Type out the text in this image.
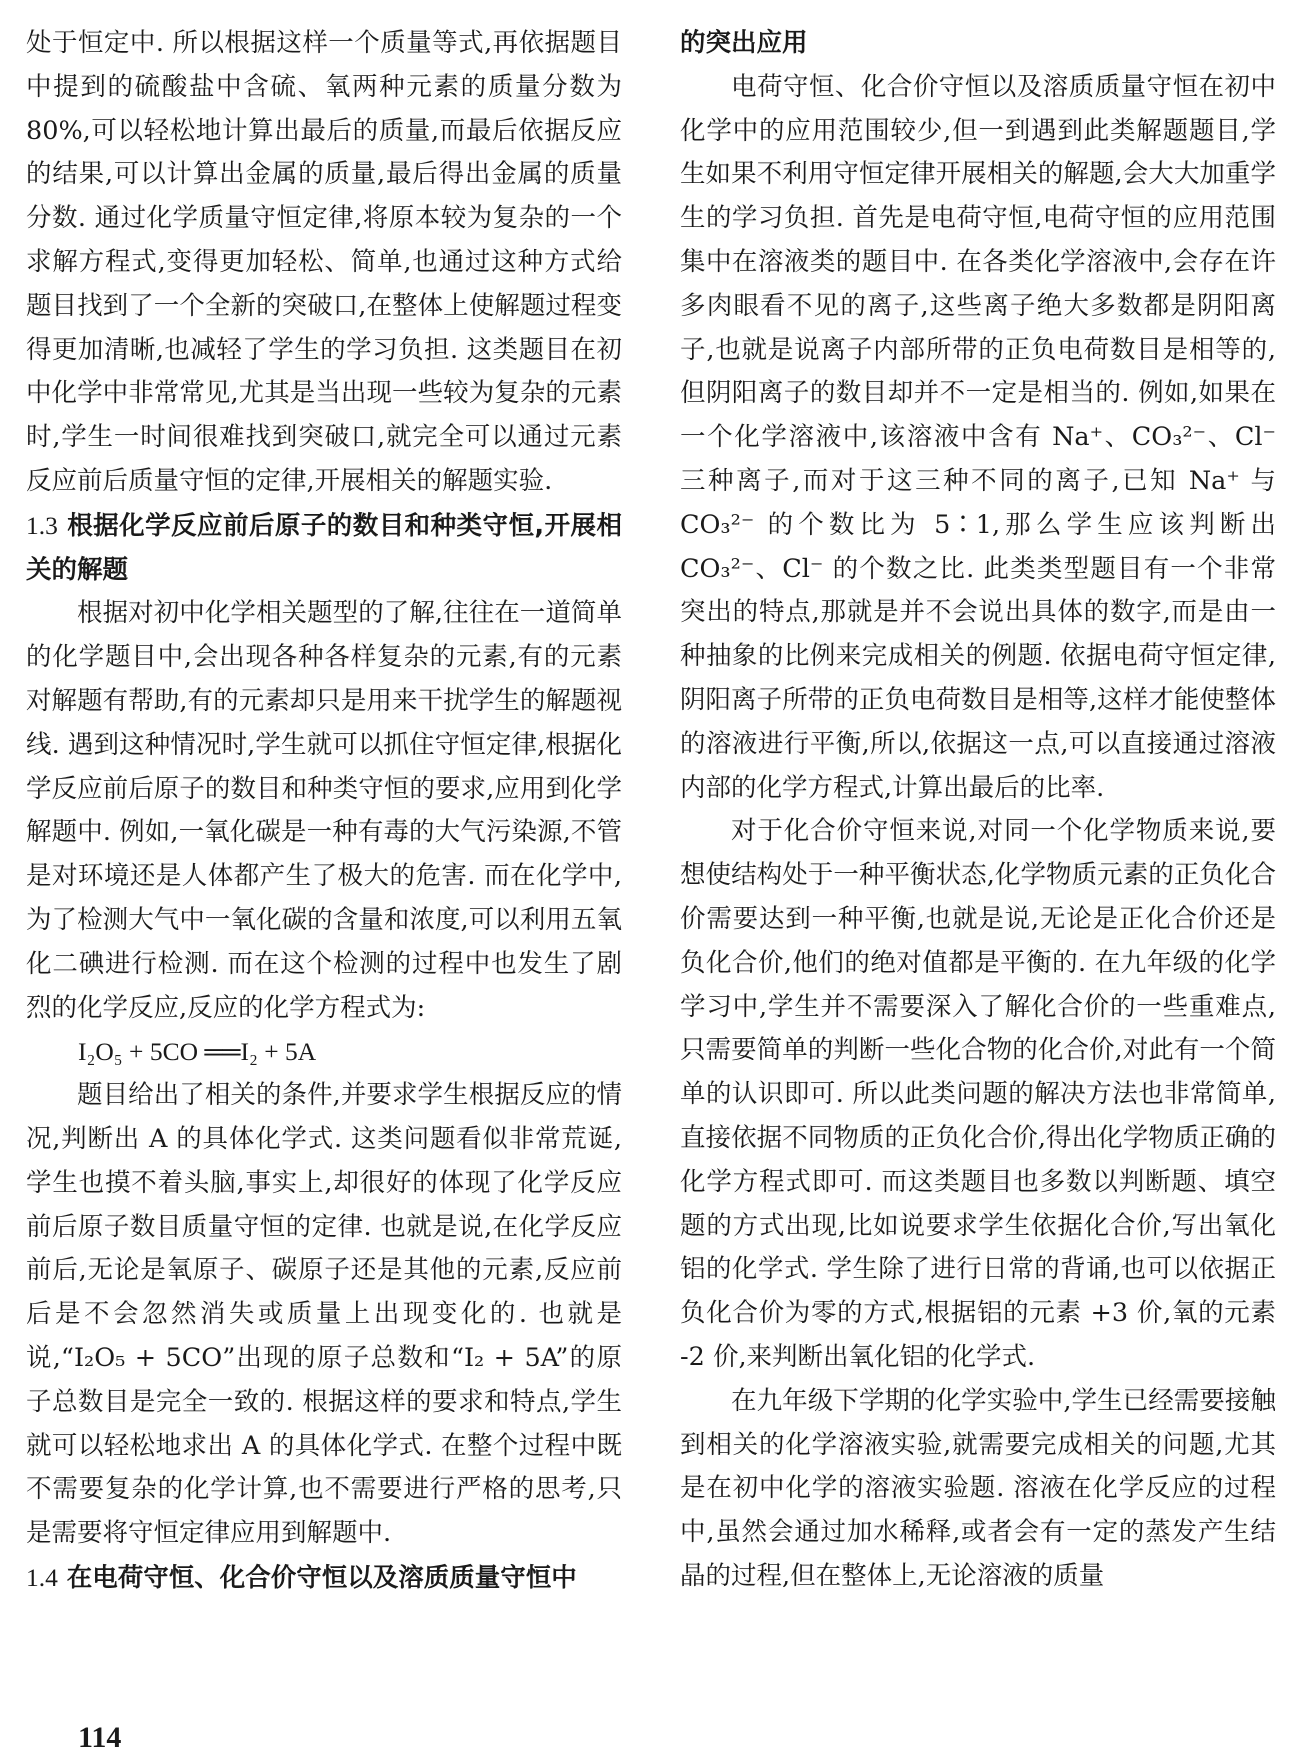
处于恒定中. 所以根据这样一个质量等式,再依据题目中提到的硫酸盐中含硫、氧两种元素的质量分数为 80%,可以轻松地计算出最后的质量,而最后依据反应的结果,可以计算出金属的质量,最后得出金属的质量分数. 通过化学质量守恒定律,将原本较为复杂的一个求解方程式,变得更加轻松、简单,也通过这种方式给题目找到了一个全新的突破口,在整体上使解题过程变得更加清晰,也减轻了学生的学习负担. 这类题目在初中化学中非常常见,尤其是当出现一些较为复杂的元素时,学生一时间很难找到突破口,就完全可以通过元素反应前后质量守恒的定律,开展相关的解题实验.

1.3 根据化学反应前后原子的数目和种类守恒,开展相关的解题

根据对初中化学相关题型的了解,往往在一道简单的化学题目中,会出现各种各样复杂的元素,有的元素对解题有帮助,有的元素却只是用来干扰学生的解题视线. 遇到这种情况时,学生就可以抓住守恒定律,根据化学反应前后原子的数目和种类守恒的要求,应用到化学解题中. 例如,一氧化碳是一种有毒的大气污染源,不管是对环境还是人体都产生了极大的危害. 而在化学中,为了检测大气中一氧化碳的含量和浓度,可以利用五氧化二碘进行检测. 而在这个检测的过程中也发生了剧烈的化学反应,反应的化学方程式为:

I₂O₅ + 5CO ══I₂ + 5A

题目给出了相关的条件,并要求学生根据反应的情况,判断出 A 的具体化学式. 这类问题看似非常荒诞,学生也摸不着头脑,事实上,却很好的体现了化学反应前后原子数目质量守恒的定律. 也就是说,在化学反应前后,无论是氧原子、碳原子还是其他的元素,反应前后是不会忽然消失或质量上出现变化的. 也就是说,“I₂O₅ + 5CO”出现的原子总数和“I₂ + 5A”的原子总数目是完全一致的. 根据这样的要求和特点,学生就可以轻松地求出 A 的具体化学式. 在整个过程中既不需要复杂的化学计算,也不需要进行严格的思考,只是需要将守恒定律应用到解题中.

1.4 在电荷守恒、化合价守恒以及溶质质量守恒中
的突出应用

电荷守恒、化合价守恒以及溶质质量守恒在初中化学中的应用范围较少,但一到遇到此类解题题目,学生如果不利用守恒定律开展相关的解题,会大大加重学生的学习负担. 首先是电荷守恒,电荷守恒的应用范围集中在溶液类的题目中. 在各类化学溶液中,会存在许多肉眼看不见的离子,这些离子绝大多数都是阴阳离子,也就是说离子内部所带的正负电荷数目是相等的,但阴阳离子的数目却并不一定是相当的. 例如,如果在一个化学溶液中,该溶液中含有 Na⁺、CO₃²⁻、Cl⁻ 三种离子,而对于这三种不同的离子,已知 Na⁺ 与 CO₃²⁻ 的个数比为 5∶1,那么学生应该判断出 CO₃²⁻、Cl⁻ 的个数之比. 此类类型题目有一个非常突出的特点,那就是并不会说出具体的数字,而是由一种抽象的比例来完成相关的例题. 依据电荷守恒定律,阴阳离子所带的正负电荷数目是相等,这样才能使整体的溶液进行平衡,所以,依据这一点,可以直接通过溶液内部的化学方程式,计算出最后的比率.

对于化合价守恒来说,对同一个化学物质来说,要想使结构处于一种平衡状态,化学物质元素的正负化合价需要达到一种平衡,也就是说,无论是正化合价还是负化合价,他们的绝对值都是平衡的. 在九年级的化学学习中,学生并不需要深入了解化合价的一些重难点,只需要简单的判断一些化合物的化合价,对此有一个简单的认识即可. 所以此类问题的解决方法也非常简单,直接依据不同物质的正负化合价,得出化学物质正确的化学方程式即可. 而这类题目也多数以判断题、填空题的方式出现,比如说要求学生依据化合价,写出氧化铝的化学式. 学生除了进行日常的背诵,也可以依据正负化合价为零的方式,根据铝的元素 +3 价,氧的元素 -2 价,来判断出氧化铝的化学式.

在九年级下学期的化学实验中,学生已经需要接触到相关的化学溶液实验,就需要完成相关的问题,尤其是在初中化学的溶液实验题. 溶液在化学反应的过程中,虽然会通过加水稀释,或者会有一定的蒸发产生结晶的过程,但在整体上,无论溶液的质量

114
